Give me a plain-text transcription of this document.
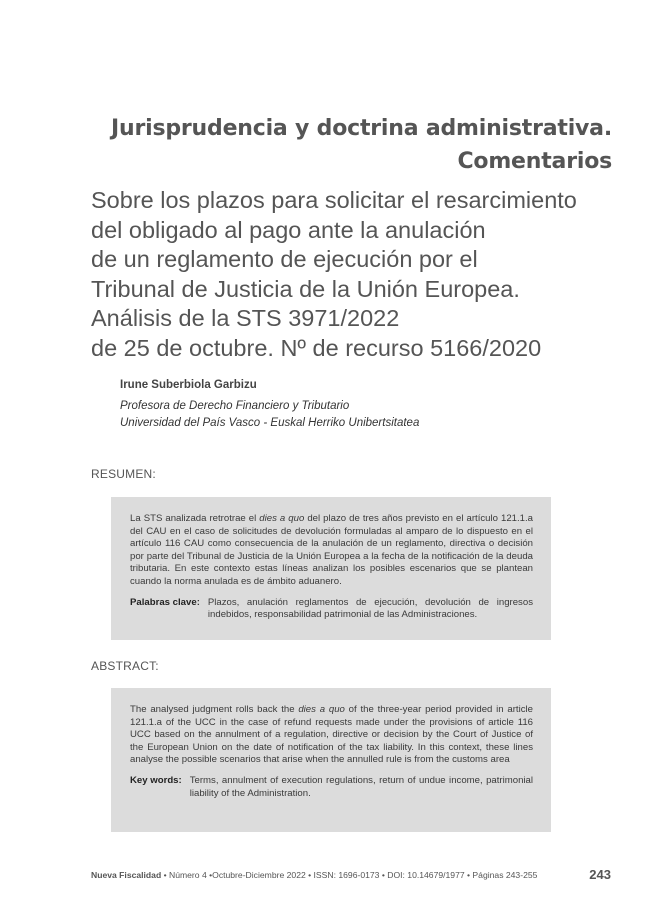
Jurisprudencia y doctrina administrativa.
Comentarios
Sobre los plazos para solicitar el resarcimiento
del obligado al pago ante la anulación
de un reglamento de ejecución por el
Tribunal de Justicia de la Unión Europea.
Análisis de la STS 3971/2022
de 25 de octubre. Nº de recurso 5166/2020
Irune Suberbiola Garbizu
Profesora de Derecho Financiero y Tributario
Universidad del País Vasco - Euskal Herriko Unibertsitatea
RESUMEN:

La STS analizada retrotrae el dies a quo del plazo de tres años previsto en el artículo 121.1.a del CAU en el caso de solicitudes de devolución formuladas al amparo de lo dispuesto en el artículo 116 CAU como consecuencia de la anulación de un reglamento, directiva o decisión por parte del Tribunal de Justicia de la Unión Europea a la fecha de la notificación de la deuda tributaria. En este contexto estas líneas analizan los posibles escenarios que se plantean cuando la norma anulada es de ámbito aduanero.

Palabras clave : Plazos, anulación reglamentos de ejecución, devolución de ingresos indebidos, responsabilidad patrimonial de las Administraciones.
ABSTRACT:

The analysed judgment rolls back the dies a quo of the three-year period provided in article 121.1.a of the UCC in the case of refund requests made under the provisions of article 116 UCC based on the annulment of a regulation, directive or decision by the Court of Justice of the European Union on the date of notification of the tax liability. In this context, these lines analyse the possible scenarios that arise when the annulled rule is from the customs area

Key words: Terms, annulment of execution regulations, return of undue income, patrimonial liability of the Administration.
Nueva Fiscalidad • Número 4 •Octubre-Diciembre 2022 • ISSN: 1696-0173 • DOI: 10.14679/1977 • Páginas 243-255	243
